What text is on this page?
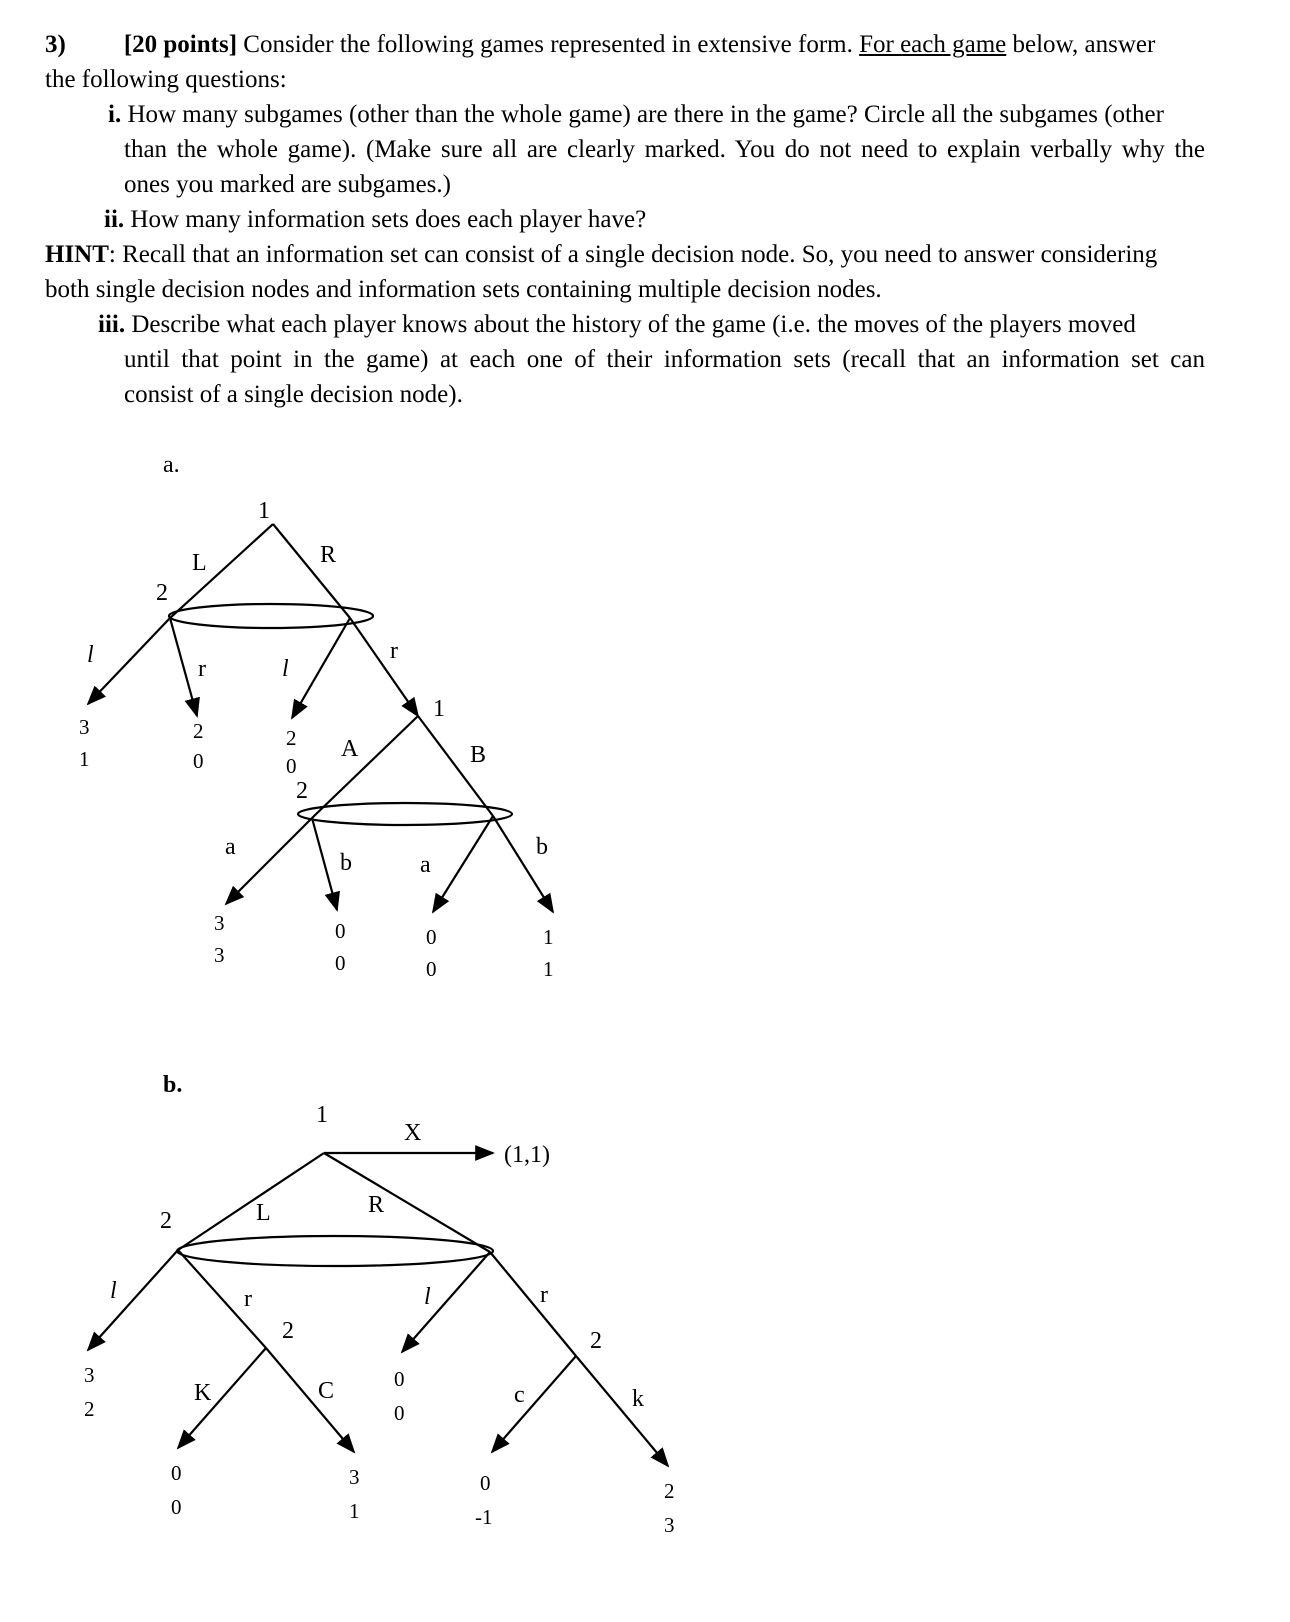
3) [20 points] Consider the following games represented in extensive form. For each game below, answer
the following questions:
i. How many subgames (other than the whole game) are there in the game? Circle all the subgames (other
than the whole game). (Make sure all are clearly marked. You do not need to explain verbally why the
ones you marked are subgames.)
ii. How many information sets does each player have?
HINT: Recall that an information set can consist of a single decision node. So, you need to answer considering
both single decision nodes and information sets containing multiple decision nodes.
iii. Describe what each player knows about the history of the game (i.e. the moves of the players moved
until that point in the game) at each one of their information sets (recall that an information set can
consist of a single decision node).
a.
1
L	R
2
l
r	l
r
3
1
2
0
2
0
1
A	B
2
a
b	a
b
3
3
0
0
0
0
1
1
b.
1
X
(1,1)
L	R
2
l	r	l	r
3
2
2
K	C
0
0
3
1
0
0
2
c	k
0
-1
2
3
